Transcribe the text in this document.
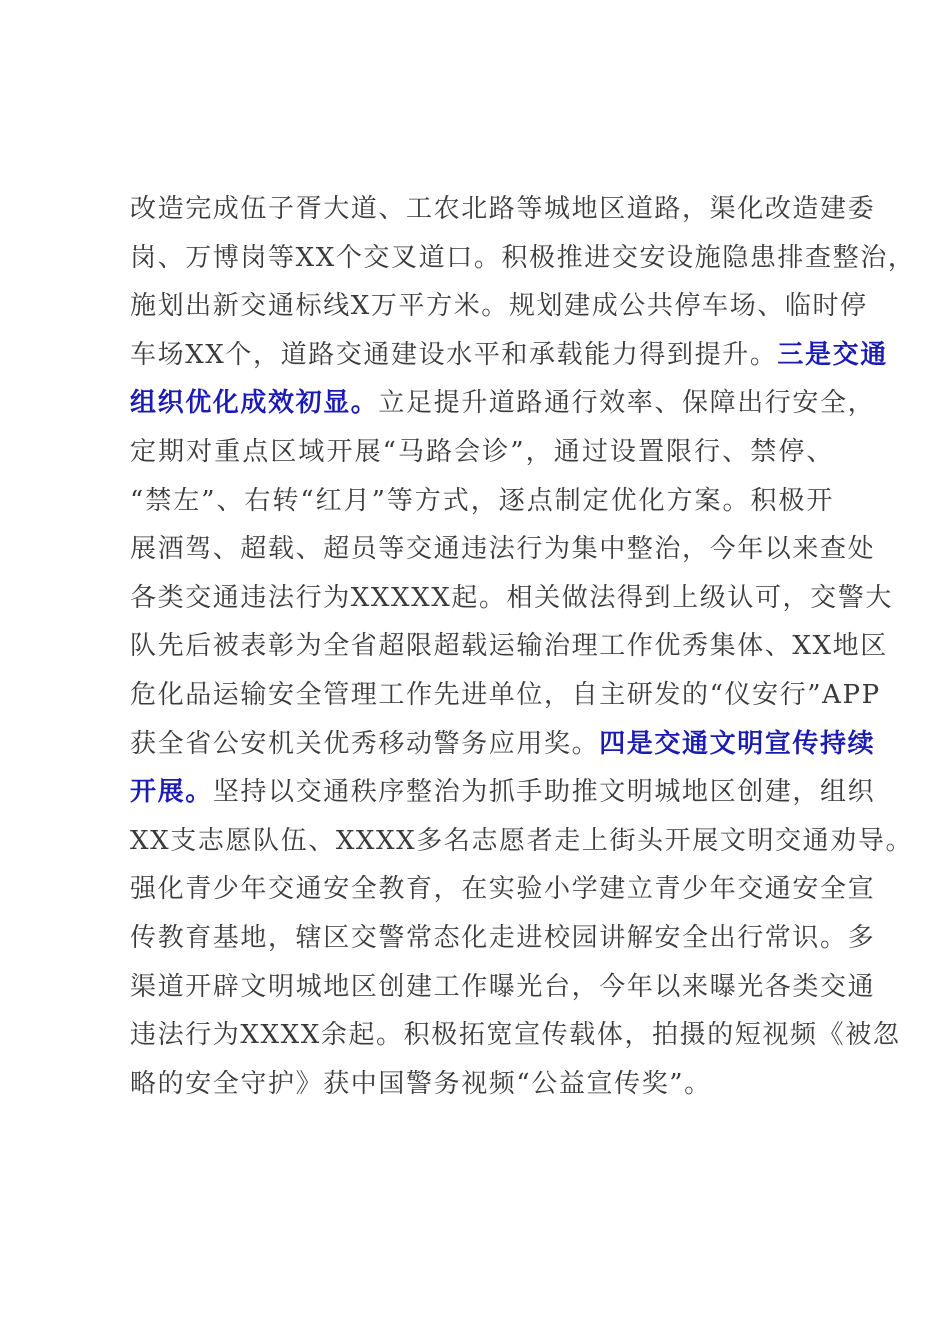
改造完成伍子胥大道、工农北路等城地区道路，渠化改造建委
岗、万博岗等XX个交叉道口。积极推进交安设施隐患排查整治，
施划出新交通标线X万平方米。规划建成公共停车场、临时停
车场XX个，道路交通建设水平和承载能力得到提升。三是交通
组织优化成效初显。立足提升道路通行效率、保障出行安全，
定期对重点区域开展“马路会诊”，通过设置限行、禁停、
“禁左”、右转“红月”等方式，逐点制定优化方案。积极开
展酒驾、超载、超员等交通违法行为集中整治，今年以来查处
各类交通违法行为XXXXX起。相关做法得到上级认可，交警大
队先后被表彰为全省超限超载运输治理工作优秀集体、XX地区
危化品运输安全管理工作先进单位，自主研发的“仪安行”APP
获全省公安机关优秀移动警务应用奖。四是交通文明宣传持续
开展。坚持以交通秩序整治为抓手助推文明城地区创建，组织
XX支志愿队伍、XXXX多名志愿者走上街头开展文明交通劝导。
强化青少年交通安全教育，在实验小学建立青少年交通安全宣
传教育基地，辖区交警常态化走进校园讲解安全出行常识。多
渠道开辟文明城地区创建工作曝光台，今年以来曝光各类交通
违法行为XXXX余起。积极拓宽宣传载体，拍摄的短视频《被忽
略的安全守护》获中国警务视频“公益宣传奖”。
